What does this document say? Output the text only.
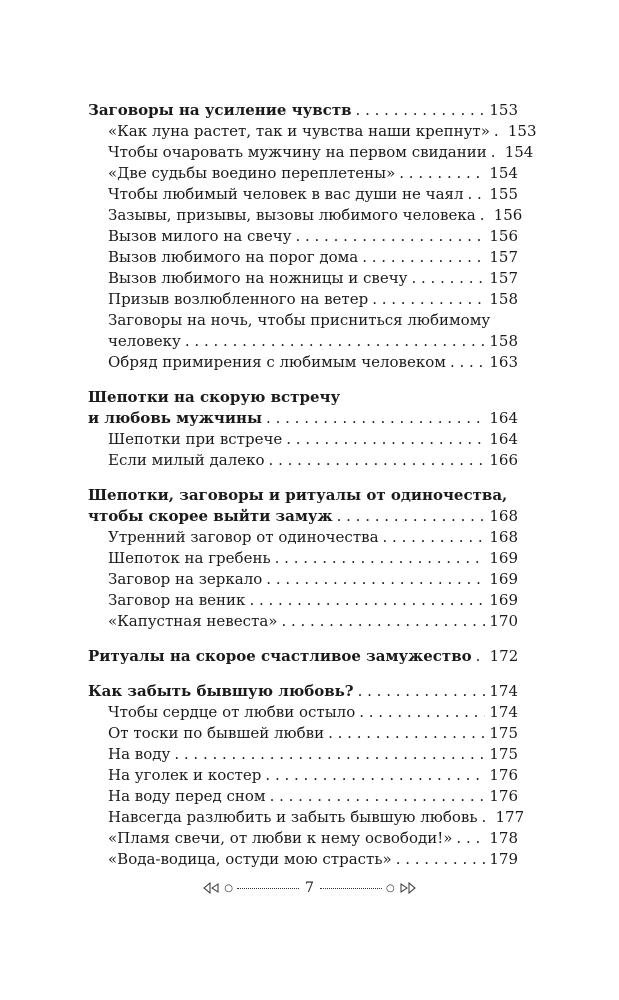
Заговоры на усиление чувств . . .	153
«Как луна растет, так и чувства наши крепнут» . . . 153
Чтобы очаровать мужчину на первом свидании . . . 154
«Две судьбы воедино переплетены» . . .	154
Чтобы любимый человек в вас души не чаял . . . 155
Зазывы, призывы, вызовы любимого человека . . . 156
Вызов милого на свечу . . .	156
Вызов любимого на порог дома . . .	157
Вызов любимого на ножницы и свечу . . .	157
Призыв возлюбленного на ветер . . .	158
Заговоры на ночь, чтобы присниться любимому
человеку . . .	158
Обряд примирения с любимым человеком . . .	163
Шепотки на скорую встречу
и любовь мужчины . . .	164
Шепотки при встрече . . .	164
Если милый далеко . . .	166
Шепотки, заговоры и ритуалы от одиночества,
чтобы скорее выйти замуж . . .	168
Утренний заговор от одиночества . . .	168
Шепоток на гребень . . .	169
Заговор на зеркало . . .	169
Заговор на веник . . .	169
«Капустная невеста» . . .	170
Ритуалы на скорое счастливое замужество . . . 172
Как забыть бывшую любовь? . . .	174
Чтобы сердце от любви остыло . . .	174
От тоски по бывшей любви . . .	175
На воду . . .	175
На уголек и костер . . .	176
На воду перед сном . . .	176
Навсегда разлюбить и забыть бывшую любовь . . . 177
«Пламя свечи, от любви к нему освободи!» . . . 178
«Вода-водица, остуди мою страсть» . . .	179
○	7	○
